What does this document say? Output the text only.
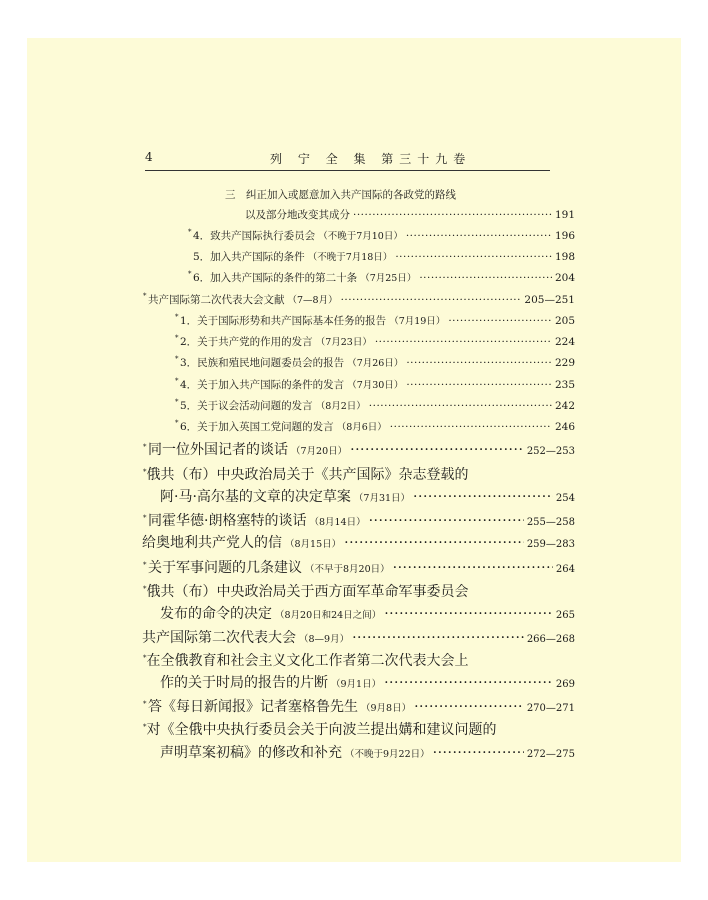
4	列 宁 全 集 第三十九卷
三　纠正加入或愿意加入共产国际的各政党的路线
以及部分地改变其成分 ·····	191
4．致共产国际执行委员会 （不晚于7月10日） ·····	196
5．加入共产国际的条件 （不晚于7月18日） ·····	198
6．加入共产国际的条件的第二十条 （7月25日） ·····	204
共产国际第二次代表大会文献 （7—8月） ·····	205—251
1．关于国际形势和共产国际基本任务的报告 （7月19日） ·····	205
2．关于共产党的作用的发言 （7月23日） ·····	224
3．民族和殖民地问题委员会的报告 （7月26日） ·····	229
4．关于加入共产国际的条件的发言 （7月30日） ·····	235
5．关于议会活动问题的发言 （8月2日） ·····	242
6．关于加入英国工党问题的发言 （8月6日） ·····	246
同一位外国记者的谈话 （7月20日） ·····	252—253
*俄共（布）中央政治局关于《共产国际》杂志登载的
阿·马·高尔基的文章的决定草案 （7月31日） ·····	254
同霍华德·朗格塞特的谈话 （8月14日） ·····	255—258
给奥地利共产党人的信 （8月15日） ·····	259—283
关于军事问题的几条建议 （不早于8月20日） ·····	264
*俄共（布）中央政治局关于西方面军革命军事委员会
发布的命令的决定 （8月20日和24日之间） ·····	265
共产国际第二次代表大会 （8—9月） ·····	266—268
*在全俄教育和社会主义文化工作者第二次代表大会上
作的关于时局的报告的片断 （9月1日） ·····	269
答《每日新闻报》记者塞格鲁先生 （9月8日） ·····	270—271
*对《全俄中央执行委员会关于向波兰提出媾和建议问题的
声明草案初稿》的修改和补充 （不晚于9月22日） ·····	272—275
